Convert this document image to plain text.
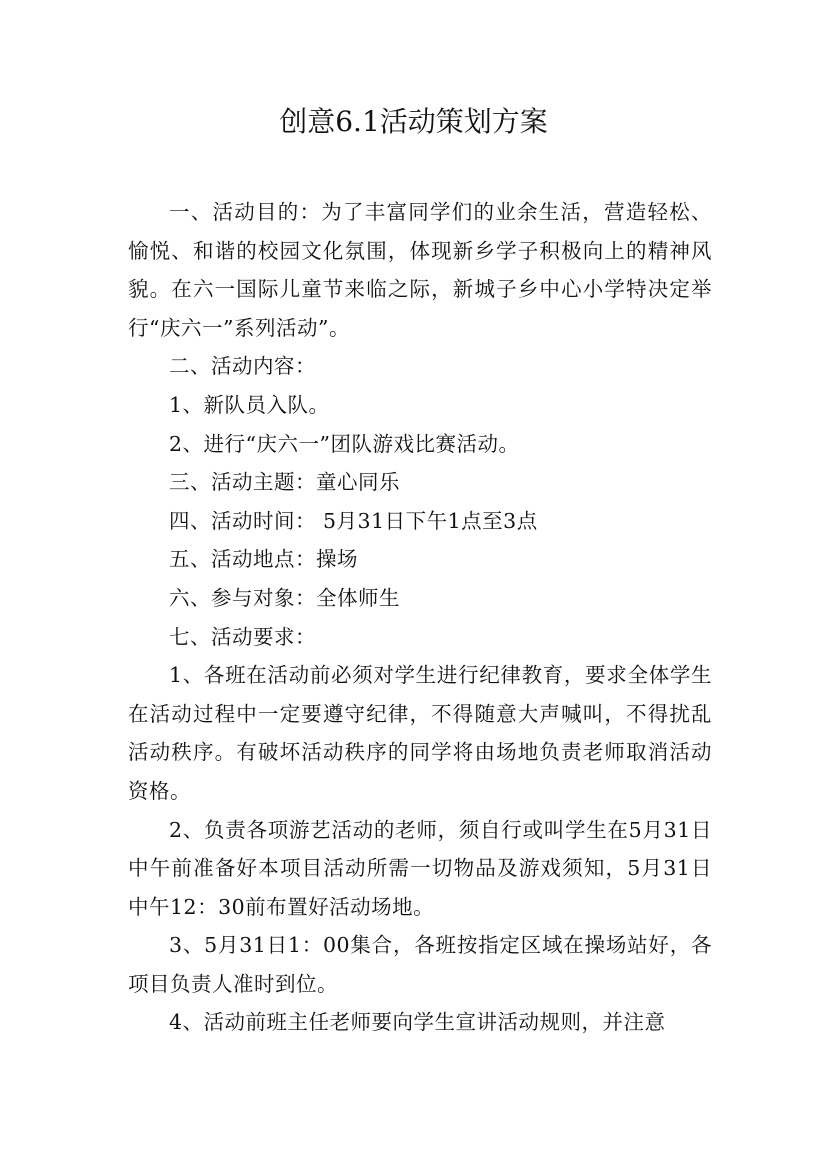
创意6.1活动策划方案

一、活动目的：为了丰富同学们的业余生活，营造轻松、愉悦、和谐的校园文化氛围，体现新乡学子积极向上的精神风貌。在六一国际儿童节来临之际，新城子乡中心小学特决定举行“庆六一”系列活动”。

二、活动内容：

1、新队员入队。

2、进行“庆六一”团队游戏比赛活动。

三、活动主题：童心同乐

四、活动时间： 5月31日下午1点至3点

五、活动地点：操场

六、参与对象：全体师生

七、活动要求：

1、各班在活动前必须对学生进行纪律教育，要求全体学生在活动过程中一定要遵守纪律，不得随意大声喊叫，不得扰乱活动秩序。有破坏活动秩序的同学将由场地负责老师取消活动资格。

2、负责各项游艺活动的老师，须自行或叫学生在5月31日中午前准备好本项目活动所需一切物品及游戏须知，5月31日中午12：30前布置好活动场地。

3、5月31日1：00集合，各班按指定区域在操场站好，各项目负责人准时到位。

4、活动前班主任老师要向学生宣讲活动规则，并注意
